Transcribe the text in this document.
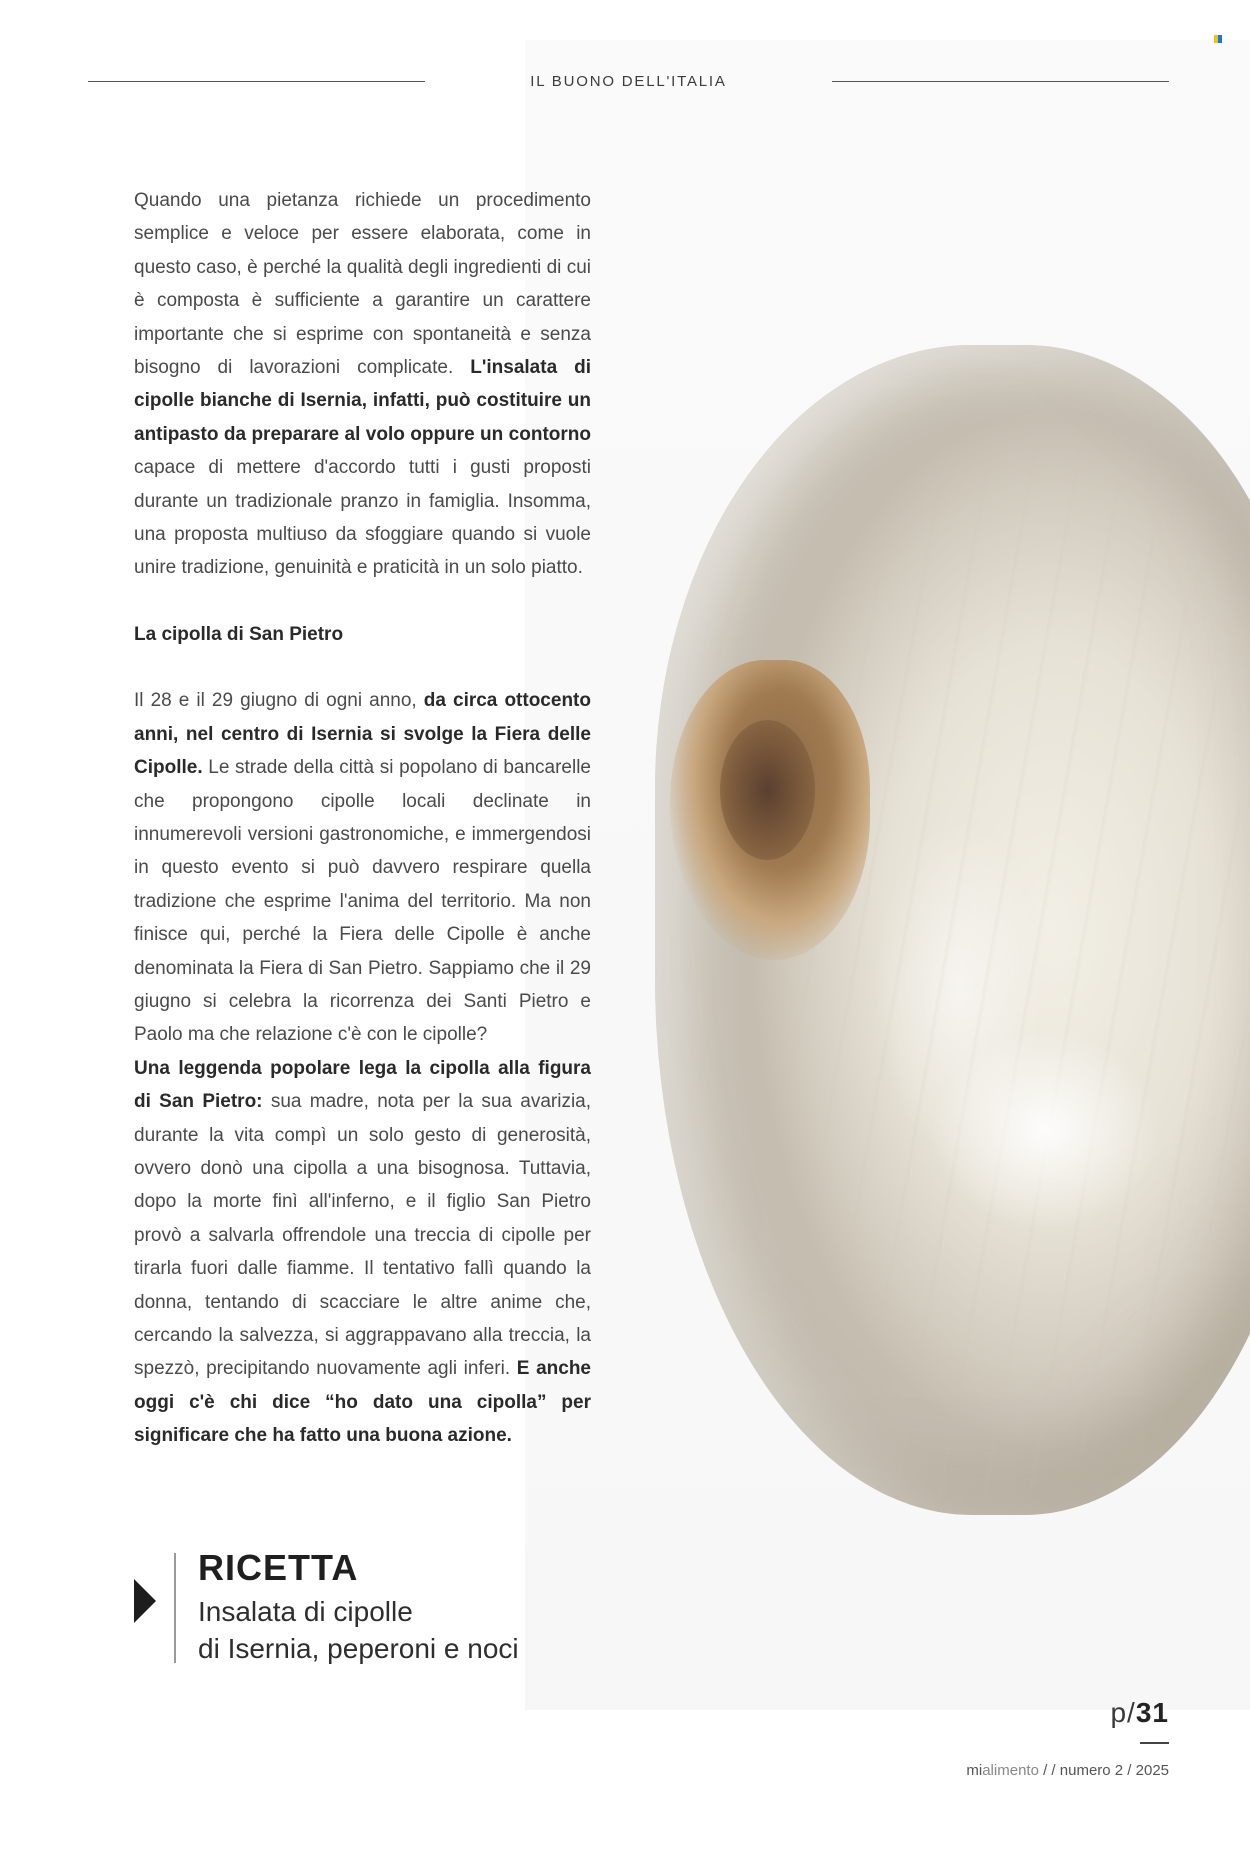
IL BUONO DELL'ITALIA

Quando una pietanza richiede un procedimento semplice e veloce per essere elaborata, come in questo caso, è perché la qualità degli ingredienti di cui è composta è sufficiente a garantire un carattere importante che si esprime con spontaneità e senza bisogno di lavorazioni complicate. L'insalata di cipolle bianche di Isernia, infatti, può costituire un antipasto da preparare al volo oppure un contorno capace di mettere d'accordo tutti i gusti proposti durante un tradizionale pranzo in famiglia. Insomma, una proposta multiuso da sfoggiare quando si vuole unire tradizione, genuinità e praticità in un solo piatto.

La cipolla di San Pietro

Il 28 e il 29 giugno di ogni anno, da circa ottocento anni, nel centro di Isernia si svolge la Fiera delle Cipolle. Le strade della città si popolano di bancarelle che propongono cipolle locali declinate in innumerevoli versioni gastronomiche, e immergendosi in questo evento si può davvero respirare quella tradizione che esprime l'anima del territorio. Ma non finisce qui, perché la Fiera delle Cipolle è anche denominata la Fiera di San Pietro. Sappiamo che il 29 giugno si celebra la ricorrenza dei Santi Pietro e Paolo ma che relazione c'è con le cipolle?

Una leggenda popolare lega la cipolla alla figura di San Pietro: sua madre, nota per la sua avarizia, durante la vita compì un solo gesto di generosità, ovvero donò una cipolla a una bisognosa. Tuttavia, dopo la morte finì all'inferno, e il figlio San Pietro provò a salvarla offrendole una treccia di cipolle per tirarla fuori dalle fiamme. Il tentativo fallì quando la donna, tentando di scacciare le altre anime che, cercando la salvezza, si aggrappavano alla treccia, la spezzò, precipitando nuovamente agli inferi. E anche oggi c'è chi dice “ho dato una cipolla” per significare che ha fatto una buona azione.

RICETTA
Insalata di cipolle
di Isernia, peperoni e noci
p/31
mialimento / / numero 2 / 2025
